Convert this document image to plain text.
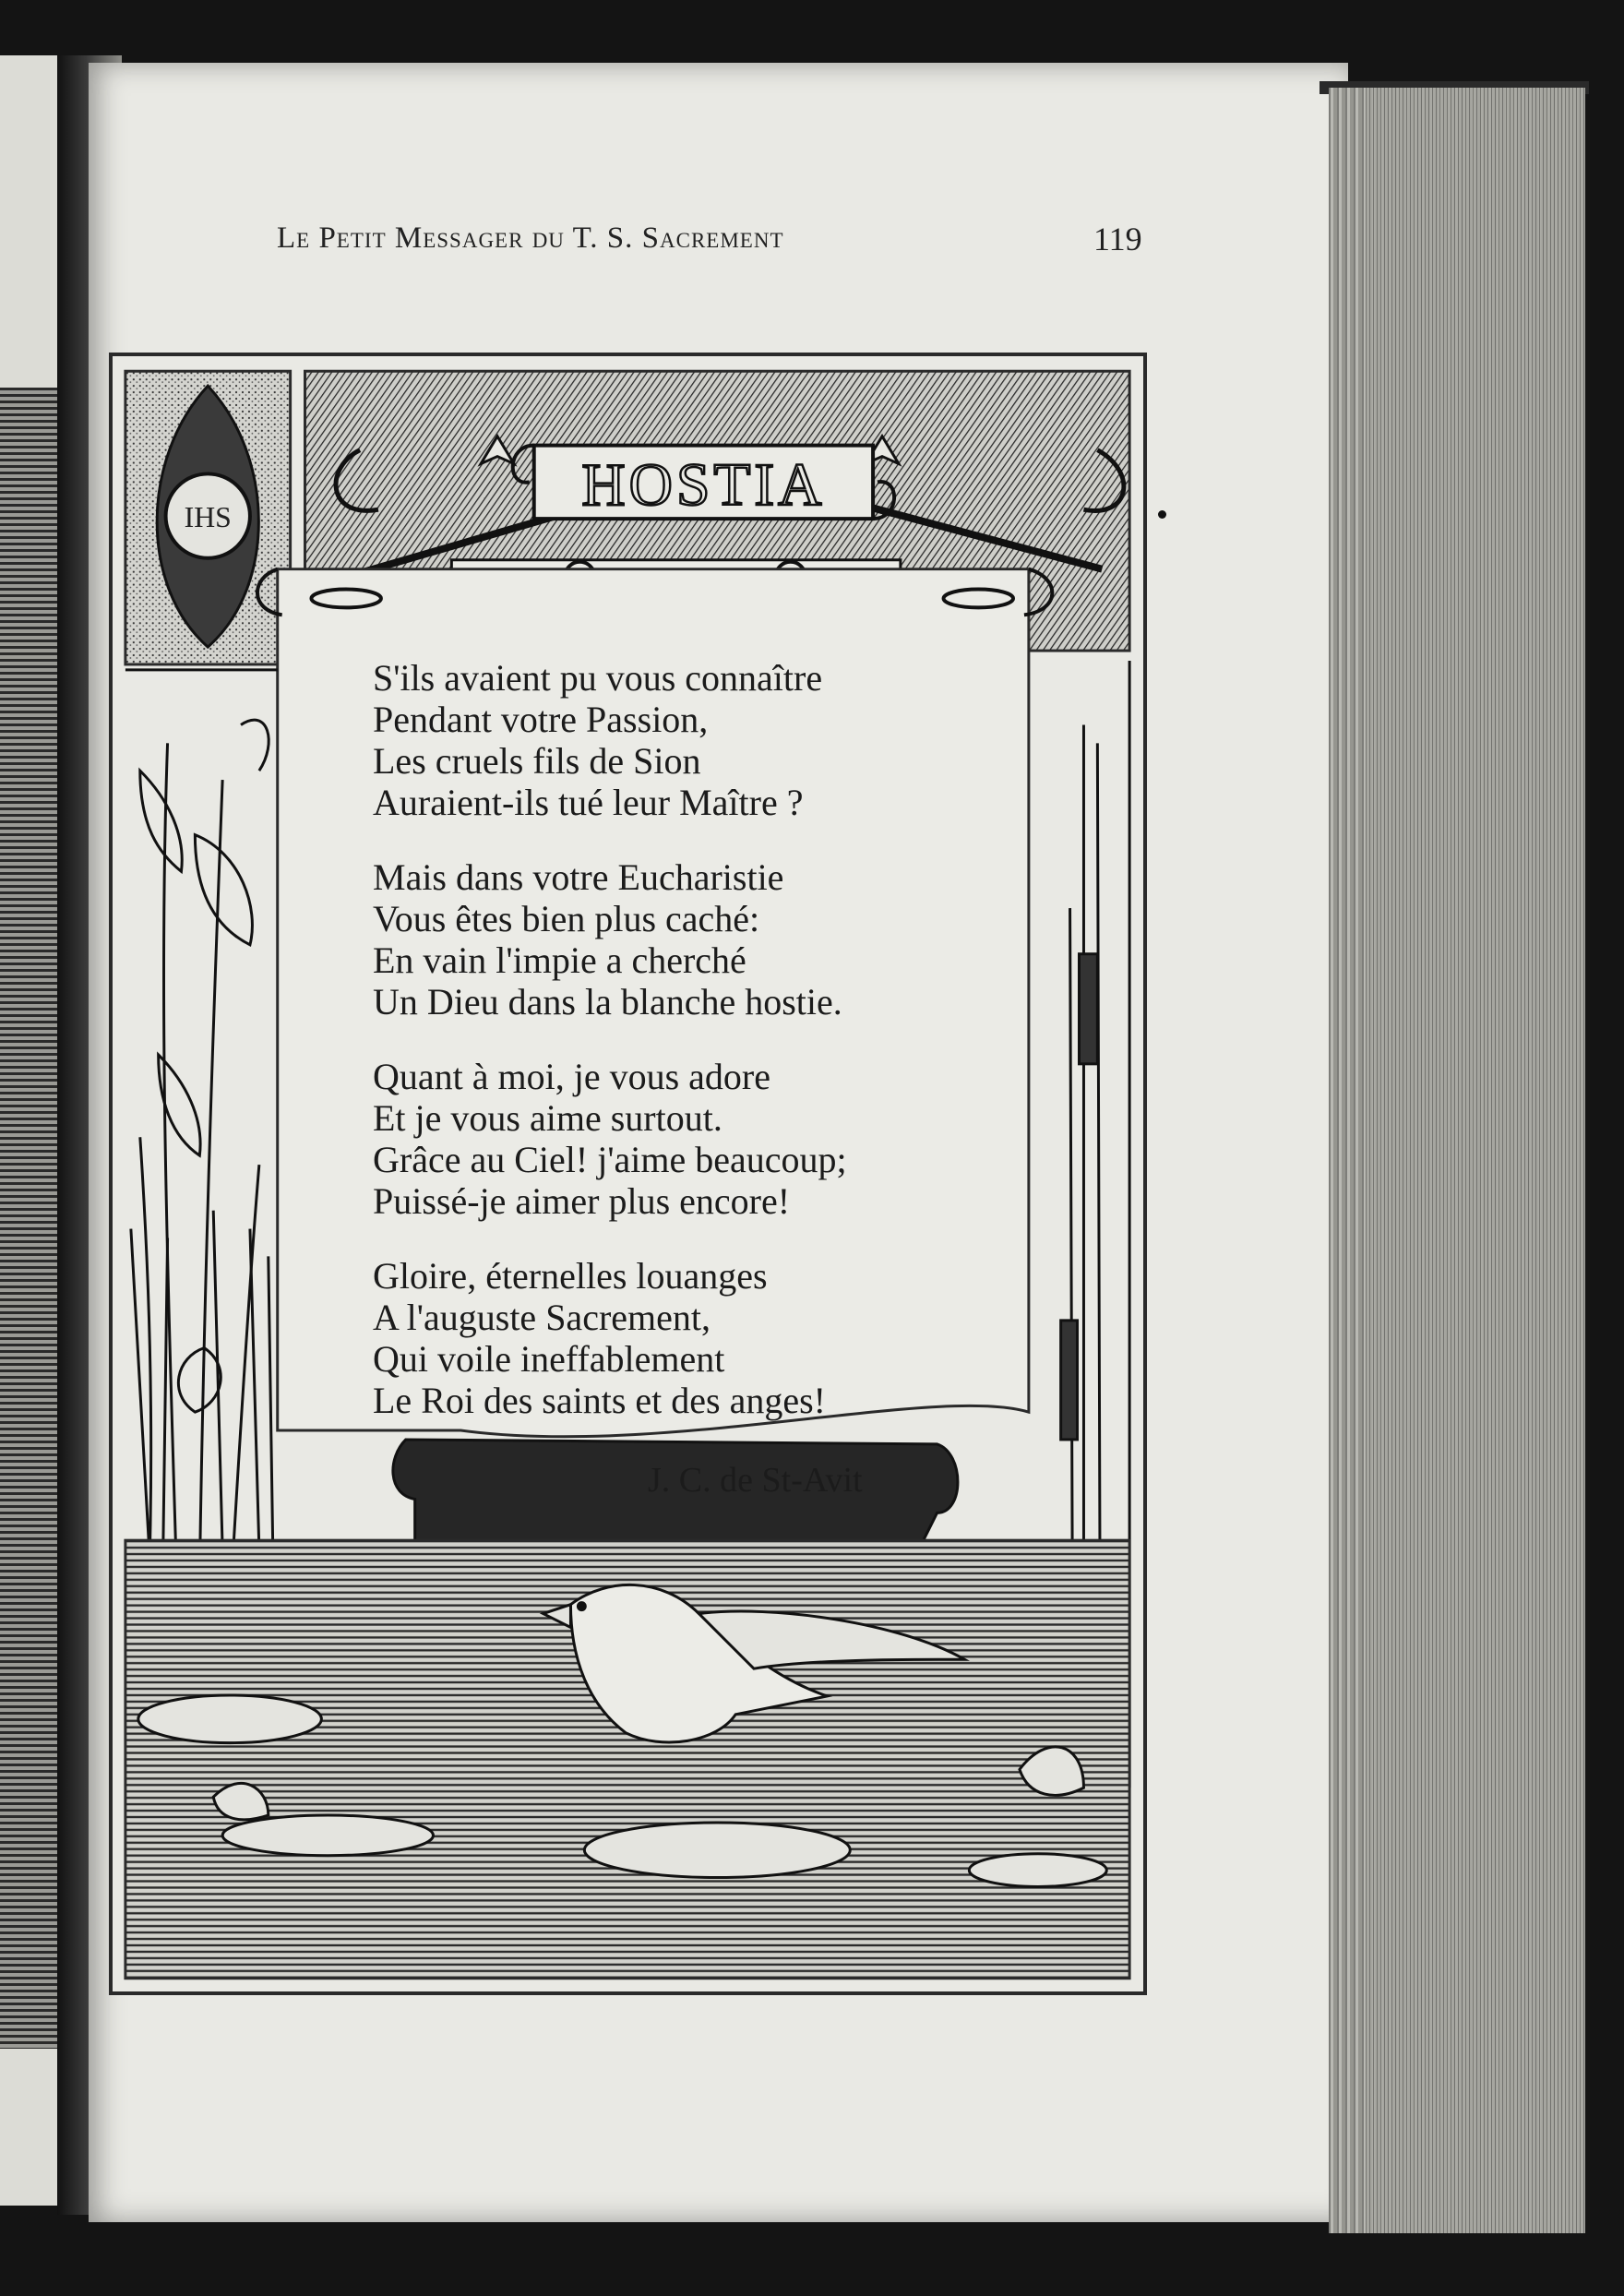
Le Petit Messager du T. S. Sacrement	119
IHS	HOSTIA
S'ils avaient pu vous connaître
Pendant votre Passion,
Les cruels fils de Sion
Auraient-ils tué leur Maître ?
Mais dans votre Eucharistie
Vous êtes bien plus caché:
En vain l'impie a cherché
Un Dieu dans la blanche hostie.
Quant à moi, je vous adore
Et je vous aime surtout.
Grâce au Ciel! j'aime beaucoup;
Puissé-je aimer plus encore!
Gloire, éternelles louanges
A l'auguste Sacrement,
Qui voile ineffablement
Le Roi des saints et des anges!
J. C. de St-Avit
